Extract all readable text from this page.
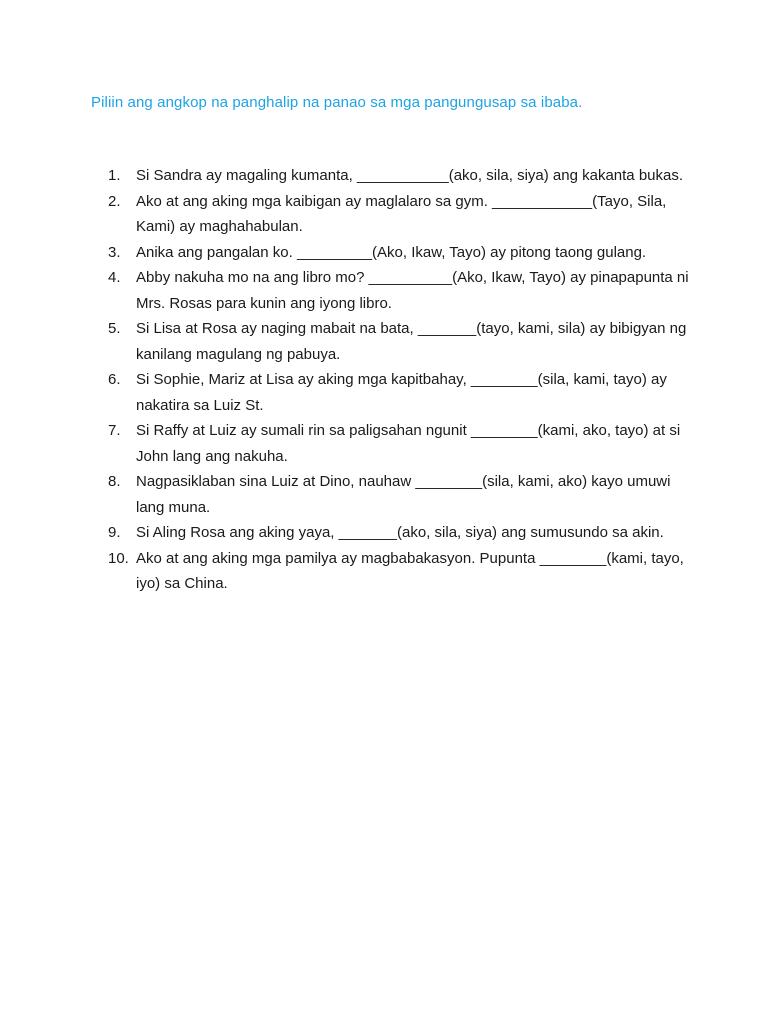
Piliin ang angkop na panghalip na panao sa mga pangungusap sa ibaba.

1.	Si Sandra ay magaling kumanta, ___________(ako, sila, siya) ang kakanta bukas.
2.	Ako at ang aking mga kaibigan ay maglalaro sa gym. ____________(Tayo, Sila, Kami) ay maghahabulan.
3.	Anika ang pangalan ko. _________(Ako, Ikaw, Tayo) ay pitong taong gulang.
4.	Abby nakuha mo na ang libro mo? __________(Ako, Ikaw, Tayo) ay pinapapunta ni Mrs. Rosas para kunin ang iyong libro.
5.	Si Lisa at Rosa ay naging mabait na bata, _______(tayo, kami, sila) ay bibigyan ng kanilang magulang ng pabuya.
6.	Si Sophie, Mariz at Lisa ay aking mga kapitbahay, ________(sila, kami, tayo) ay nakatira sa Luiz St.
7.	Si Raffy at Luiz ay sumali rin sa paligsahan ngunit ________(kami, ako, tayo) at si John lang ang nakuha.
8.	Nagpasiklaban sina Luiz at Dino, nauhaw ________(sila, kami, ako) kayo umuwi lang muna.
9.	Si Aling Rosa ang aking yaya, _______(ako, sila, siya) ang sumusundo sa akin.
10. Ako at ang aking mga pamilya ay magbabakasyon. Pupunta ________(kami, tayo, iyo) sa China.
